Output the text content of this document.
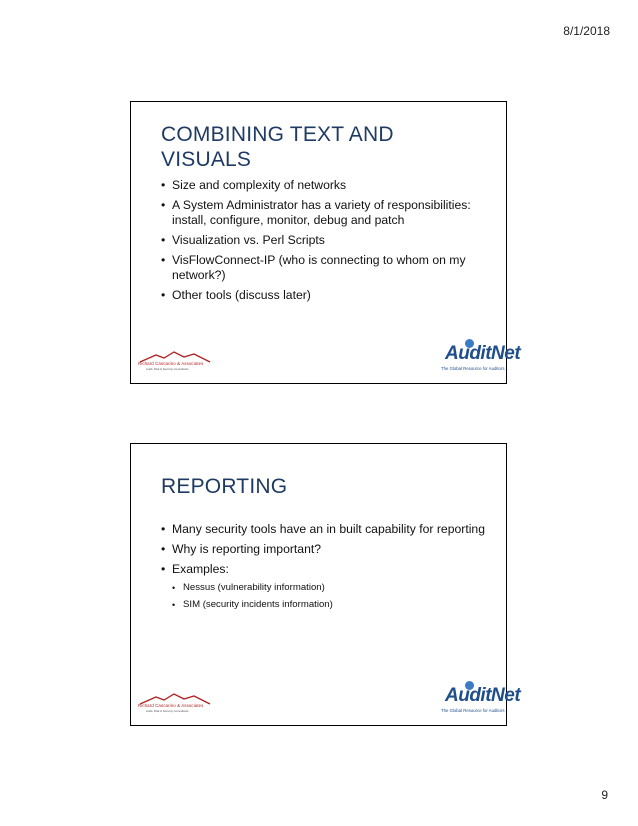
8/1/2018
COMBINING TEXT AND
VISUALS
• Size and complexity of networks
• A System Administrator has a variety of responsibilities: install, configure, monitor, debug and patch
• Visualization vs. Perl Scripts
• VisFlowConnect-IP (who is connecting to whom on my network?)
• Other tools (discuss later)
Richard Cascarino & Associates
Audit, Risk & Security Consultants
AuditNet
The Global Resource for Auditors
REPORTING
• Many security tools have an in built capability for reporting
• Why is reporting important?
• Examples:
• Nessus (vulnerability information)
• SIM (security incidents information)
Richard Cascarino & Associates
Audit, Risk & Security Consultants
AuditNet
The Global Resource for Auditors
9
